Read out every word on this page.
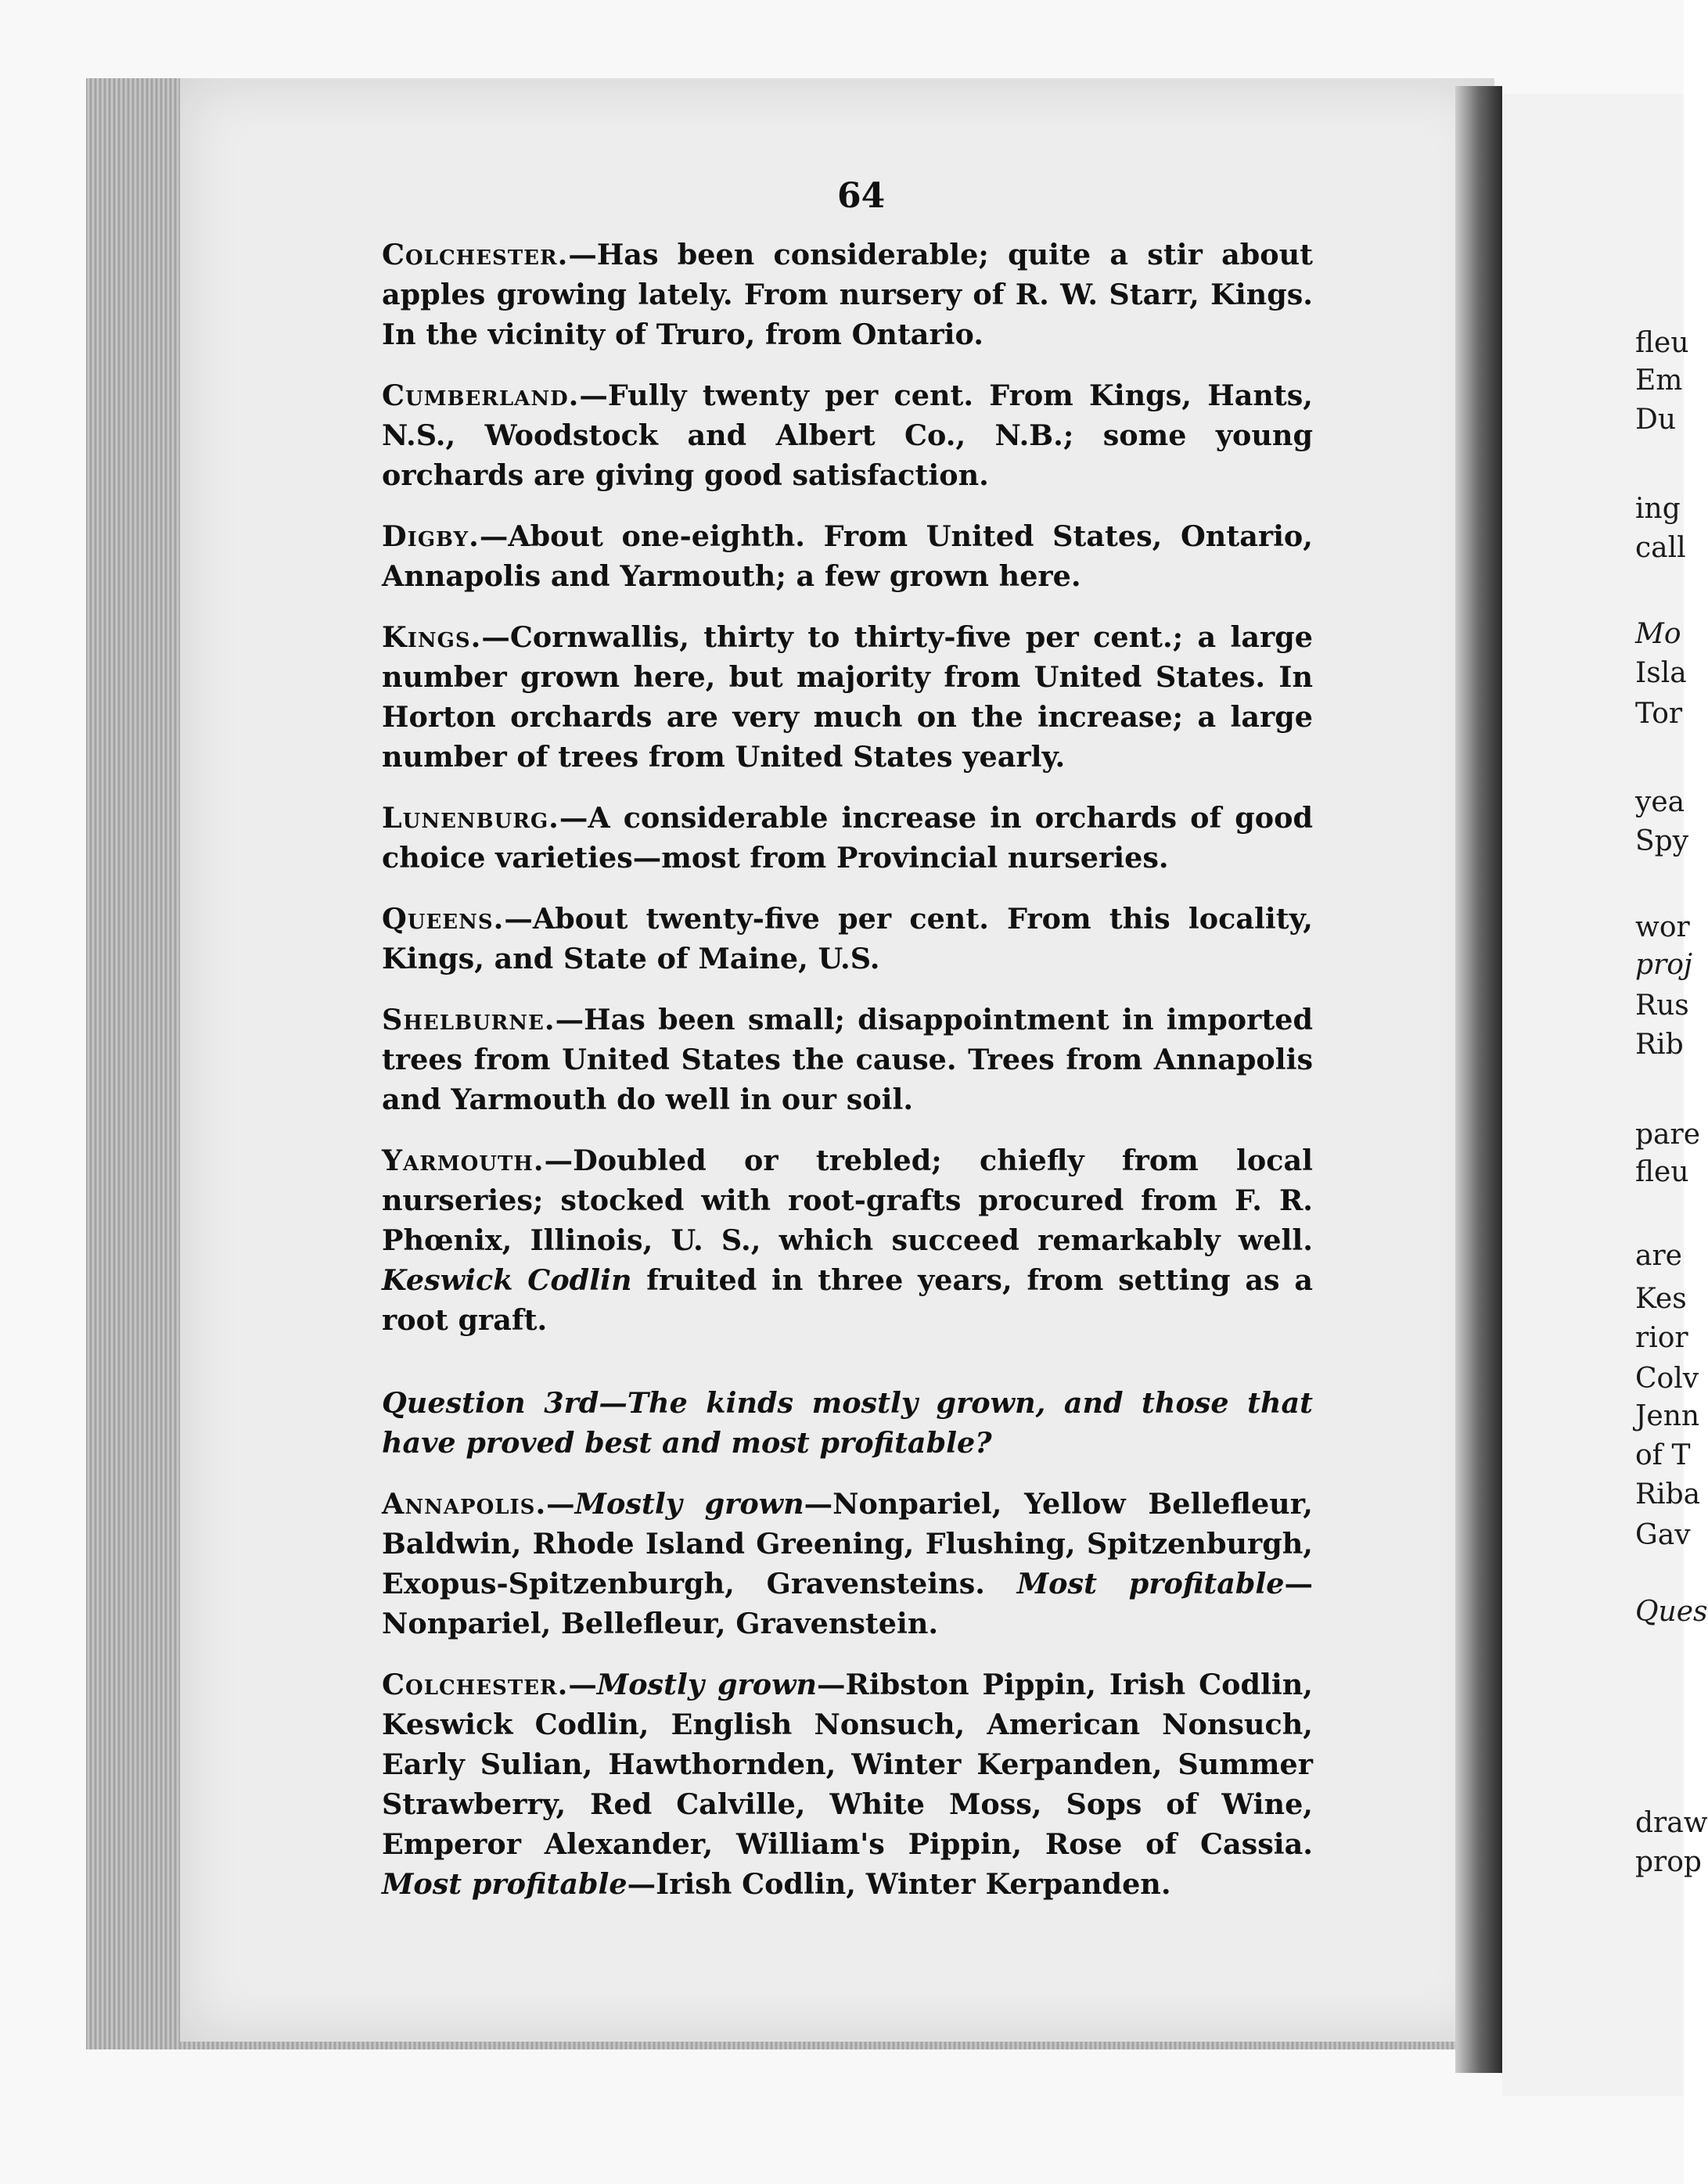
fleu
Em
Du
ing
call
Mo
Isla
Tor
yea
Spy
wor
proj
Rus
Rib
pare
fleu
are
Kes
rior
Colv
Jenn
of T
Riba
Gav
Ques
draw
prop
64

Colchester.—Has been considerable; quite a stir about apples growing lately. From nursery of R. W. Starr, Kings. In the vicinity of Truro, from Ontario.

Cumberland.—Fully twenty per cent. From Kings, Hants, N.S., Woodstock and Albert Co., N.B.; some young orchards are giving good satisfaction.

Digby.—About one-eighth. From United States, Ontario, Annapolis and Yarmouth; a few grown here.

Kings.—Cornwallis, thirty to thirty-five per cent.; a large number grown here, but majority from United States. In Horton orchards are very much on the increase; a large number of trees from United States yearly.

Lunenburg.—A considerable increase in orchards of good choice varieties—most from Provincial nurseries.

Queens.—About twenty-five per cent. From this locality, Kings, and State of Maine, U.S.

Shelburne.—Has been small; disappointment in imported trees from United States the cause. Trees from Annapolis and Yarmouth do well in our soil.

Yarmouth.—Doubled or trebled; chiefly from local nurseries; stocked with root-grafts procured from F. R. Phœnix, Illinois, U. S., which succeed remarkably well. Keswick Codlin fruited in three years, from setting as a root graft.

Question 3rd—The kinds mostly grown, and those that have proved best and most profitable?

Annapolis.—Mostly grown—Nonpariel, Yellow Bellefleur, Baldwin, Rhode Island Greening, Flushing, Spitzenburgh, Exopus-Spitzenburgh, Gravensteins. Most profitable—Nonpariel, Bellefleur, Gravenstein.

Colchester.—Mostly grown—Ribston Pippin, Irish Codlin, Keswick Codlin, English Nonsuch, American Nonsuch, Early Sulian, Hawthornden, Winter Kerpanden, Summer Strawberry, Red Calville, White Moss, Sops of Wine, Emperor Alexander, William's Pippin, Rose of Cassia. Most profitable—Irish Codlin, Winter Kerpanden.
